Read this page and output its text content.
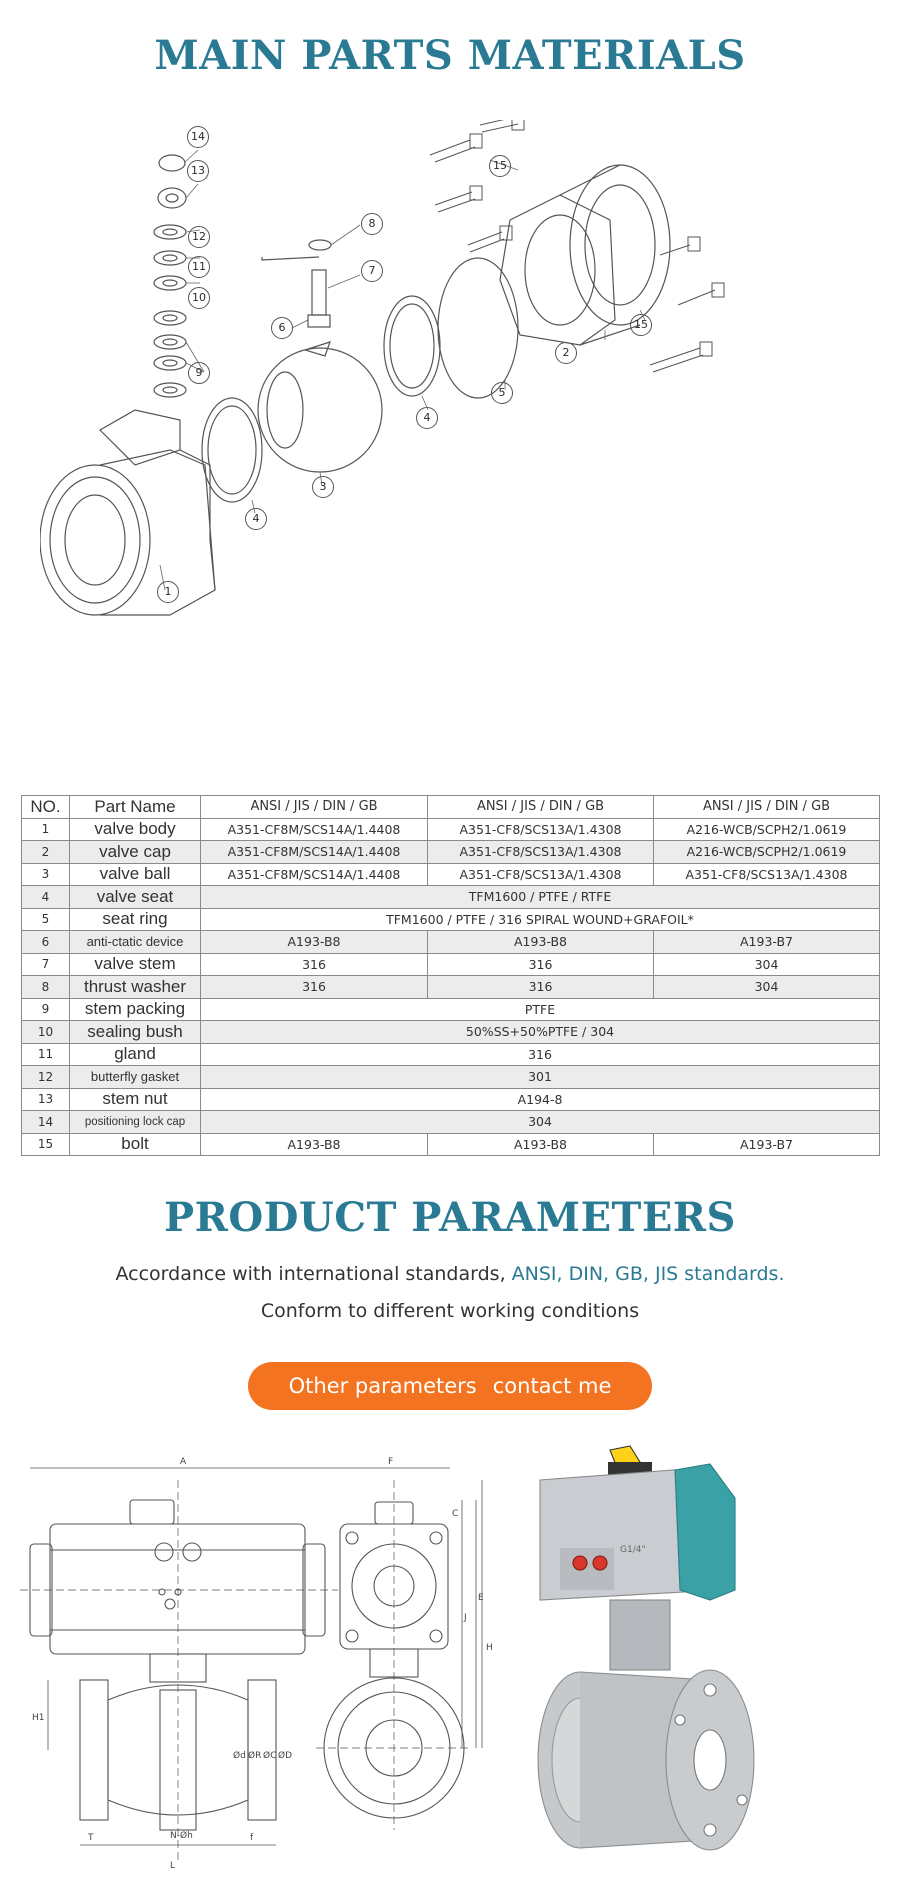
MAIN PARTS MATERIALS
14
13
12
11
10
9
8
7
6
15
15
2
5
4
4
3
1
NO.	Part Name	ANSI / JIS / DIN / GB	ANSI / JIS / DIN / GB	ANSI / JIS / DIN / GB
1	valve body	A351-CF8M/SCS14A/1.4408	A351-CF8/SCS13A/1.4308	A216-WCB/SCPH2/1.0619
2	valve cap	A351-CF8M/SCS14A/1.4408	A351-CF8/SCS13A/1.4308	A216-WCB/SCPH2/1.0619
3	valve ball	A351-CF8M/SCS14A/1.4408	A351-CF8/SCS13A/1.4308	A351-CF8/SCS13A/1.4308
4	valve seat	TFM1600 / PTFE / RTFE		
5	seat ring	TFM1600 / PTFE / 316 SPIRAL WOUND+GRAFOIL*		
6	anti-ctatic device	A193-B8	A193-B8	A193-B7
7	valve stem	316	316	304
8	thrust washer	316	316	304
9	stem packing	PTFE		
10	sealing bush	50%SS+50%PTFE / 304		
11	gland	316		
12	butterfly gasket	301		
13	stem nut	A194-8		
14	positioning lock cap	304		
15	bolt	A193-B8	A193-B8	A193-B7
PRODUCT PARAMETERS

Accordance with international standards, ANSI, DIN, GB, JIS standards.

Conform to different working conditions

Other parameters contact me
A
H1
Ød ØR ØC ØD
T
L
N-Øh	f
F
C
J
E
H
G1/4"
